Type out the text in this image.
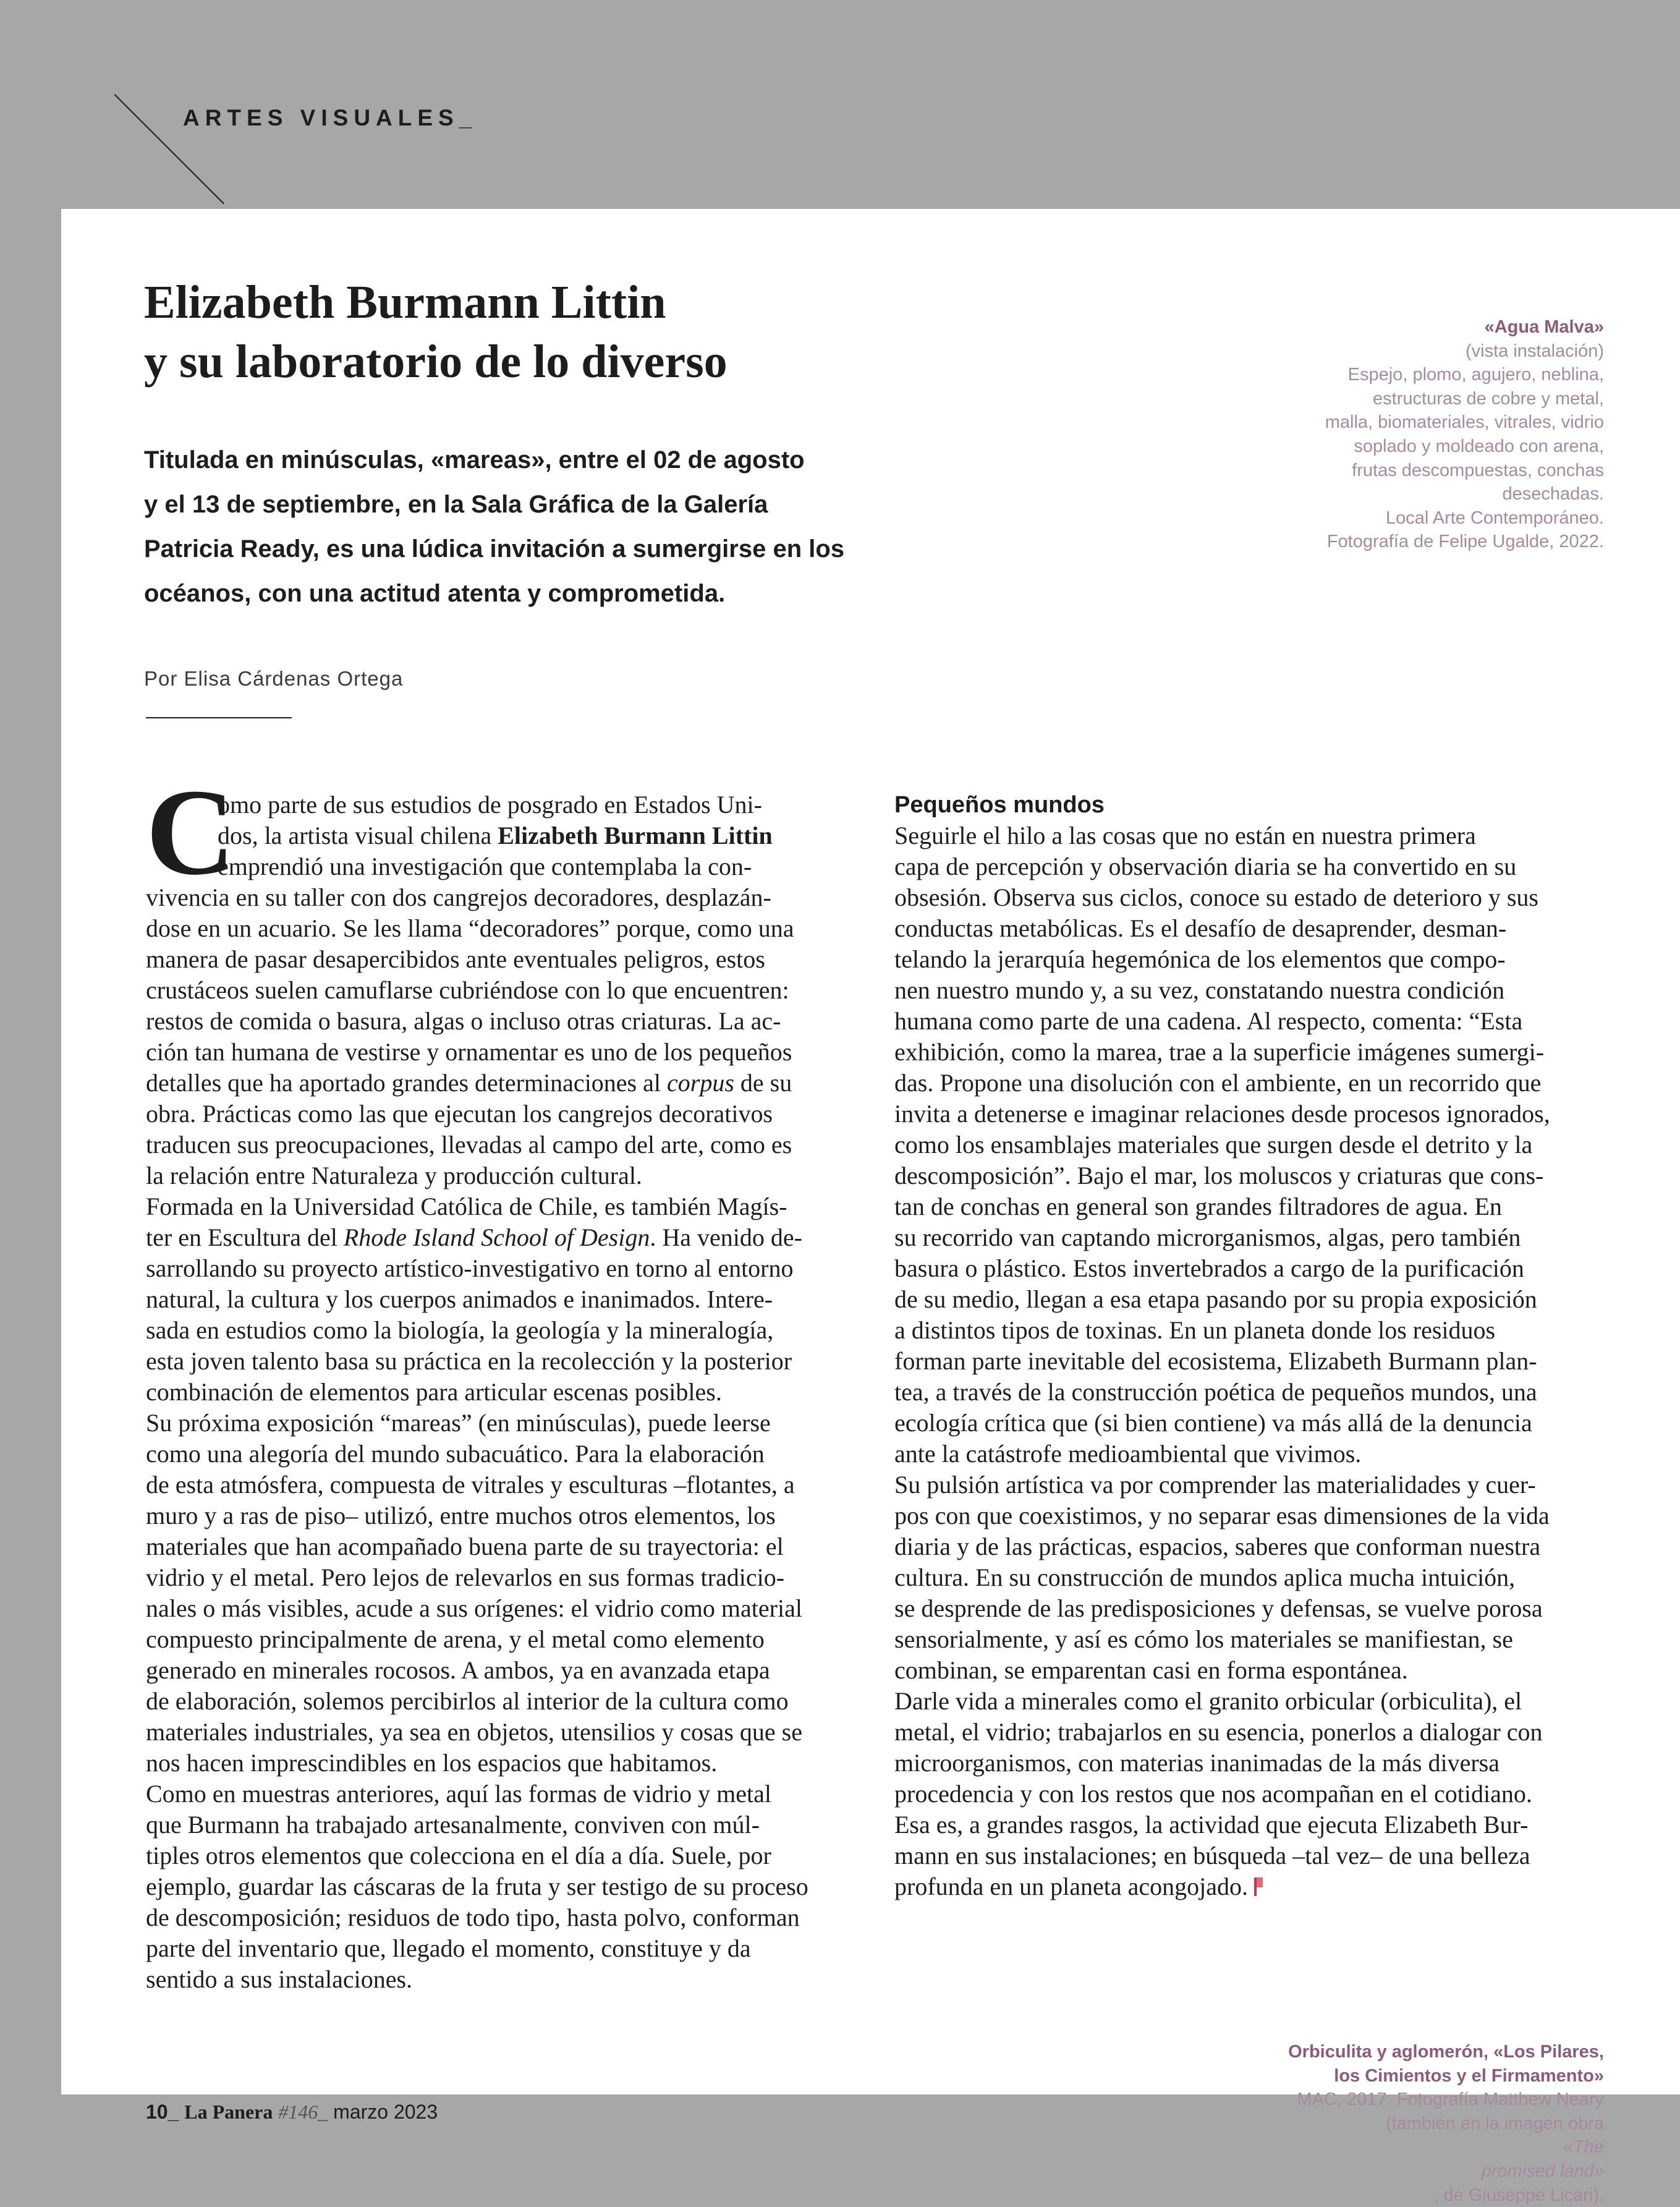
ARTES VISUALES_
Elizabeth Burmann Littin
y su laboratorio de lo diverso
Titulada en minúsculas, «mareas», entre el 02 de agosto
y el 13 de septiembre, en la Sala Gráfica de la Galería
Patricia Ready, es una lúdica invitación a sumergirse en los
océanos, con una actitud atenta y comprometida.
Por Elisa Cárdenas Ortega
«Agua Malva»
(vista instalación)
Espejo, plomo, agujero, neblina,
estructuras de cobre y metal,
malla, biomateriales, vitrales, vidrio
soplado y moldeado con arena,
frutas descompuestas, conchas
desechadas.
Local Arte Contemporáneo.
Fotografía de Felipe Ugalde, 2022.
C
omo parte de sus estudios de posgrado en Estados Uni-
dos, la artista visual chilena Elizabeth Burmann Littin
emprendió una investigación que contemplaba la con-
vivencia en su taller con dos cangrejos decoradores, desplazán-
dose en un acuario. Se les llama “decoradores” porque, como una
manera de pasar desapercibidos ante eventuales peligros, estos
crustáceos suelen camuflarse cubriéndose con lo que encuentren:
restos de comida o basura, algas o incluso otras criaturas. La ac-
ción tan humana de vestirse y ornamentar es uno de los pequeños
detalles que ha aportado grandes determinaciones al corpus de su
obra. Prácticas como las que ejecutan los cangrejos decorativos
traducen sus preocupaciones, llevadas al campo del arte, como es
la relación entre Naturaleza y producción cultural.
Formada en la Universidad Católica de Chile, es también Magís-
ter en Escultura del Rhode Island School of Design. Ha venido de-
sarrollando su proyecto artístico-investigativo en torno al entorno
natural, la cultura y los cuerpos animados e inanimados. Intere-
sada en estudios como la biología, la geología y la mineralogía,
esta joven talento basa su práctica en la recolección y la posterior
combinación de elementos para articular escenas posibles.
Su próxima exposición “mareas” (en minúsculas), puede leerse
como una alegoría del mundo subacuático. Para la elaboración
de esta atmósfera, compuesta de vitrales y esculturas –flotantes, a
muro y a ras de piso– utilizó, entre muchos otros elementos, los
materiales que han acompañado buena parte de su trayectoria: el
vidrio y el metal. Pero lejos de relevarlos en sus formas tradicio-
nales o más visibles, acude a sus orígenes: el vidrio como material
compuesto principalmente de arena, y el metal como elemento
generado en minerales rocosos. A ambos, ya en avanzada etapa
de elaboración, solemos percibirlos al interior de la cultura como
materiales industriales, ya sea en objetos, utensilios y cosas que se
nos hacen imprescindibles en los espacios que habitamos.
Como en muestras anteriores, aquí las formas de vidrio y metal
que Burmann ha trabajado artesanalmente, conviven con múl-
tiples otros elementos que colecciona en el día a día. Suele, por
ejemplo, guardar las cáscaras de la fruta y ser testigo de su proceso
de descomposición; residuos de todo tipo, hasta polvo, conforman
parte del inventario que, llegado el momento, constituye y da
sentido a sus instalaciones.
Pequeños mundos
Seguirle el hilo a las cosas que no están en nuestra primera
capa de percepción y observación diaria se ha convertido en su
obsesión. Observa sus ciclos, conoce su estado de deterioro y sus
conductas metabólicas. Es el desafío de desaprender, desman-
telando la jerarquía hegemónica de los elementos que compo-
nen nuestro mundo y, a su vez, constatando nuestra condición
humana como parte de una cadena. Al respecto, comenta: “Esta
exhibición, como la marea, trae a la superficie imágenes sumergi-
das. Propone una disolución con el ambiente, en un recorrido que
invita a detenerse e imaginar relaciones desde procesos ignorados,
como los ensamblajes materiales que surgen desde el detrito y la
descomposición”. Bajo el mar, los moluscos y criaturas que cons-
tan de conchas en general son grandes filtradores de agua. En
su recorrido van captando microrganismos, algas, pero también
basura o plástico. Estos invertebrados a cargo de la purificación
de su medio, llegan a esa etapa pasando por su propia exposición
a distintos tipos de toxinas. En un planeta donde los residuos
forman parte inevitable del ecosistema, Elizabeth Burmann plan-
tea, a través de la construcción poética de pequeños mundos, una
ecología crítica que (si bien contiene) va más allá de la denuncia
ante la catástrofe medioambiental que vivimos.
Su pulsión artística va por comprender las materialidades y cuer-
pos con que coexistimos, y no separar esas dimensiones de la vida
diaria y de las prácticas, espacios, saberes que conforman nuestra
cultura. En su construcción de mundos aplica mucha intuición,
se desprende de las predisposiciones y defensas, se vuelve porosa
sensorialmente, y así es cómo los materiales se manifiestan, se
combinan, se emparentan casi en forma espontánea.
Darle vida a minerales como el granito orbicular (orbiculita), el
metal, el vidrio; trabajarlos en su esencia, ponerlos a dialogar con
microorganismos, con materias inanimadas de la más diversa
procedencia y con los restos que nos acompañan en el cotidiano.
Esa es, a grandes rasgos, la actividad que ejecuta Elizabeth Bur-
mann en sus instalaciones; en búsqueda –tal vez– de una belleza
profunda en un planeta acongojado.
Orbiculita y aglomerón, «Los Pilares,
los Cimientos y el Firmamento»
MAC, 2017. Fotografía Matthew Neary
(también en la imagen obra
«The
promised land»
, de Giuseppe Licari).
10_ La Panera #146_ marzo 2023
